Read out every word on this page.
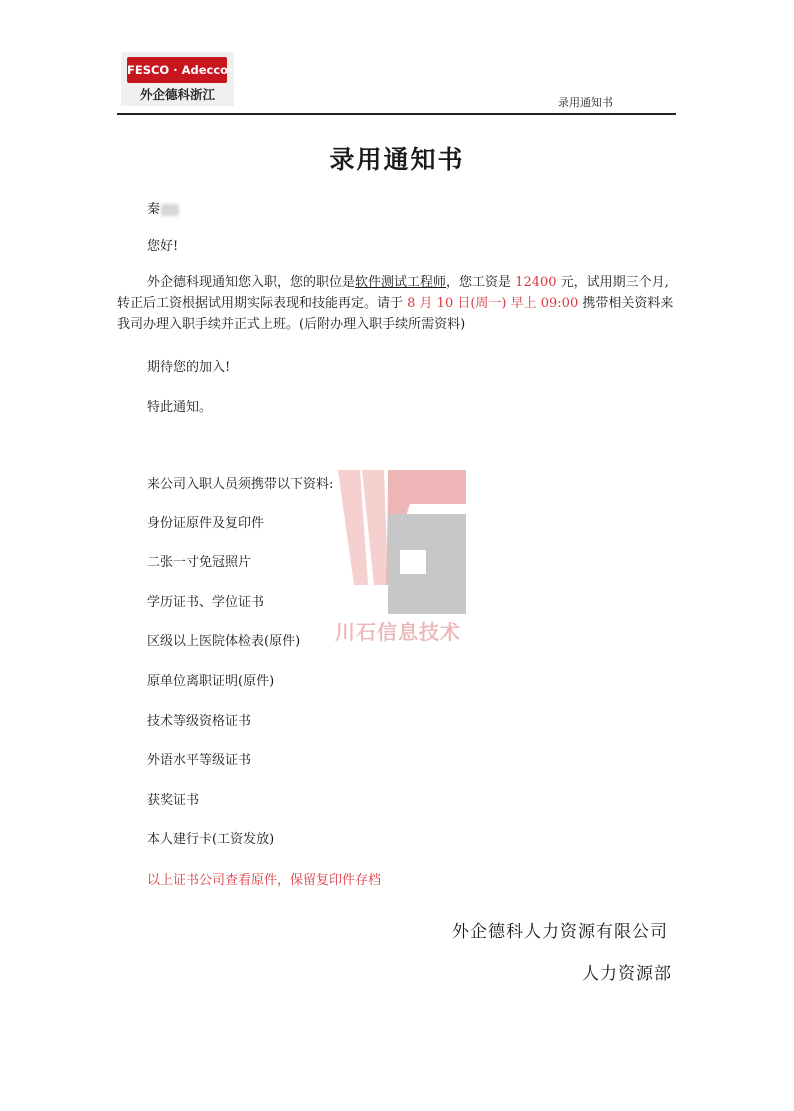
FESCO · Adecco
外企德科浙江
录用通知书
录用通知书
秦
您好!
外企德科现通知您入职，您的职位是软件测试工程师，您工资是 12400 元，试用期三个月,
转正后工资根据试用期实际表现和技能再定。请于 8 月 10 日(周一) 早上 09:00 携带相关资料来
我司办理入职手续并正式上班。(后附办理入职手续所需资料)
期待您的加入!
特此通知。
来公司入职人员须携带以下资料:
身份证原件及复印件
二张一寸免冠照片
学历证书、学位证书
区级以上医院体检表(原件)
原单位离职证明(原件)
技术等级资格证书
外语水平等级证书
获奖证书
本人建行卡(工资发放)
以上证书公司查看原件，保留复印件存档
外企德科人力资源有限公司
人力资源部
川石信息技术
